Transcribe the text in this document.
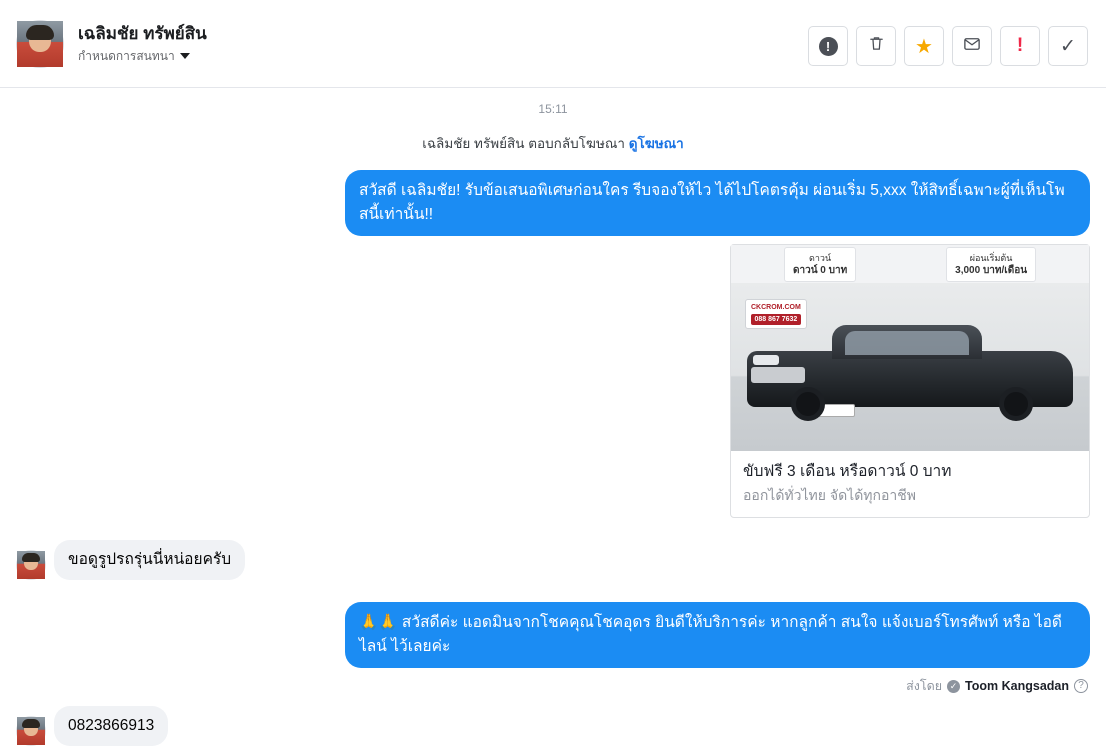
เฉลิมชัย ทรัพย์สิน
กำหนดการสนทนา
!	★	! ✓
15:11
เฉลิมชัย ทรัพย์สิน ตอบกลับโฆษณา ดูโฆษณา
สวัสดี เฉลิมชัย! รับข้อเสนอพิเศษก่อนใคร รีบจองให้ไว ได้ไปโคตรคุ้ม ผ่อนเริ่ม 5,xxx ให้สิทธิ์เฉพาะผู้ที่เห็นโพสนี้เท่านั้น!!
ดาวน์
ดาวน์ 0 บาท
ผ่อนเริ่มต้น
3,000 บาท/เดือน
CKCROM.COM
088 867 7632
ขับฟรี 3 เดือน หรือดาวน์ 0 บาท
ออกได้ทั่วไทย จัดได้ทุกอาชีพ
ขอดูรูปรถรุ่นนี่หน่อยครับ
🙏🙏 สวัสดีค่ะ แอดมินจากโชคคุณโชคอุดร ยินดีให้บริการค่ะ หากลูกค้า สนใจ แจ้งเบอร์โทรศัพท์ หรือ ไอดีไลน์ ไว้เลยค่ะ
ส่งโดย ✓ Toom Kangsadan ?
0823866913
